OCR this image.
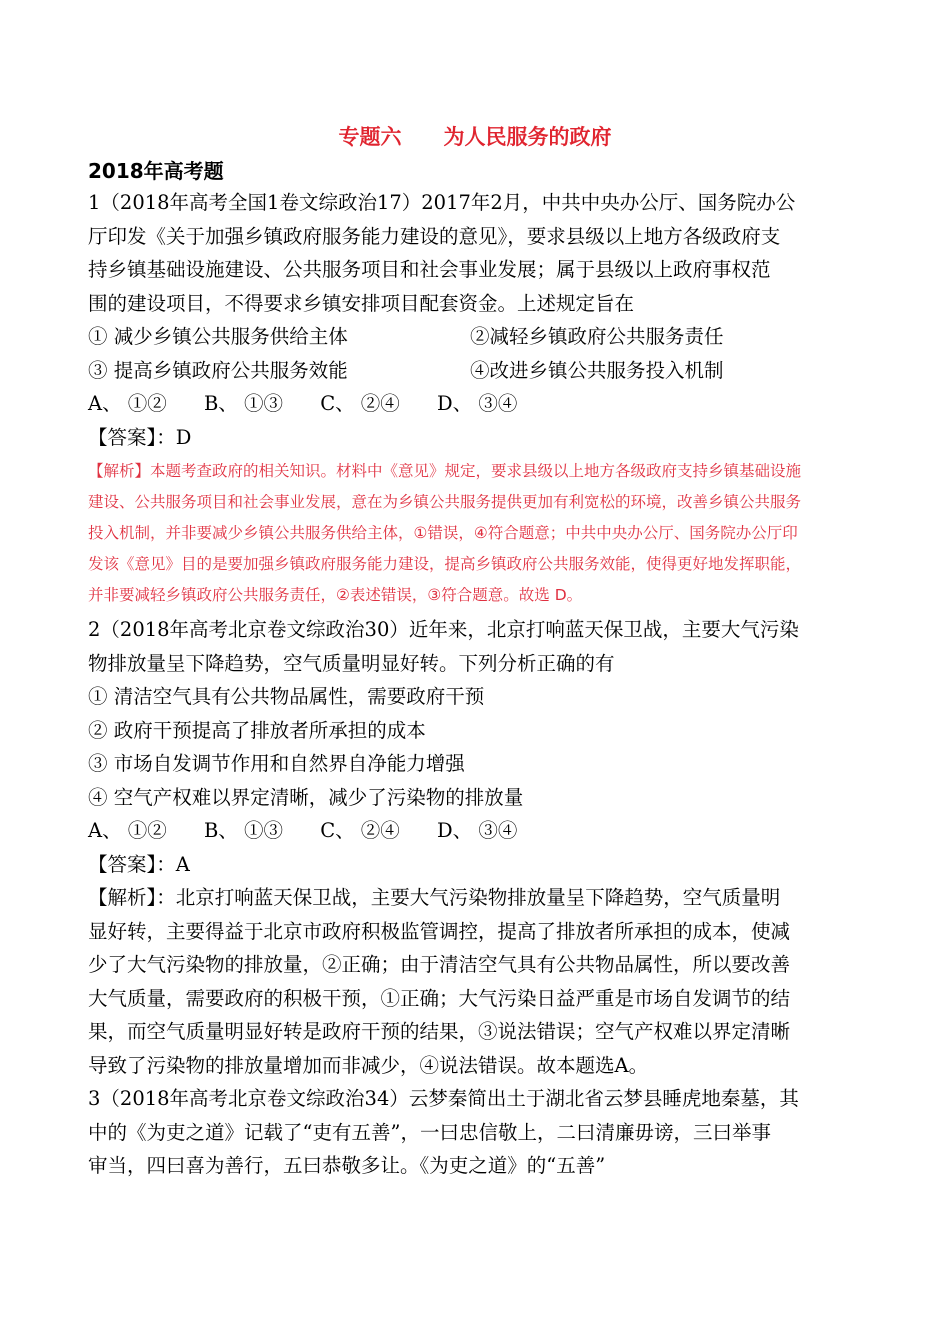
专题六　　为人民服务的政府
2018年高考题
1（2018年高考全国1卷文综政治17）2017年2月，中共中央办公厅、国务院办公
厅印发《关于加强乡镇政府服务能力建设的意见》，要求县级以上地方各级政府支
持乡镇基础设施建设、公共服务项目和社会事业发展；属于县级以上政府事权范
围的建设项目，不得要求乡镇安排项目配套资金。上述规定旨在
① 减少乡镇公共服务供给主体	②减轻乡镇政府公共服务责任
③ 提高乡镇政府公共服务效能	④改进乡镇公共服务投入机制
A、 ①②      B、 ①③      C、 ②④      D、 ③④
【答案】：D
【解析】本题考查政府的相关知识。材料中《意见》规定，要求县级以上地方各级政府支持乡镇基础设施
建设、公共服务项目和社会事业发展，意在为乡镇公共服务提供更加有利宽松的环境，改善乡镇公共服务
投入机制，并非要减少乡镇公共服务供给主体，①错误，④符合题意；中共中央办公厅、国务院办公厅印
发该《意见》目的是要加强乡镇政府服务能力建设，提高乡镇政府公共服务效能，使得更好地发挥职能，
并非要减轻乡镇政府公共服务责任，②表述错误，③符合题意。故选 D。
2（2018年高考北京卷文综政治30）近年来，北京打响蓝天保卫战，主要大气污染
物排放量呈下降趋势，空气质量明显好转。下列分析正确的有
① 清洁空气具有公共物品属性，需要政府干预
② 政府干预提高了排放者所承担的成本
③ 市场自发调节作用和自然界自净能力增强
④ 空气产权难以界定清晰，减少了污染物的排放量
A、 ①②      B、 ①③      C、 ②④      D、 ③④
【答案】：A
【解析】：北京打响蓝天保卫战，主要大气污染物排放量呈下降趋势，空气质量明
显好转，主要得益于北京市政府积极监管调控，提高了排放者所承担的成本，使减
少了大气污染物的排放量，②正确；由于清洁空气具有公共物品属性，所以要改善
大气质量，需要政府的积极干预，①正确；大气污染日益严重是市场自发调节的结
果，而空气质量明显好转是政府干预的结果，③说法错误；空气产权难以界定清晰
导致了污染物的排放量增加而非减少，④说法错误。故本题选A。
3（2018年高考北京卷文综政治34）云梦秦简出土于湖北省云梦县睡虎地秦墓，其
中的《为吏之道》记载了“吏有五善”，一曰忠信敬上，二曰清廉毋谤，三曰举事
审当，四曰喜为善行，五曰恭敬多让。《为吏之道》的“五善”
